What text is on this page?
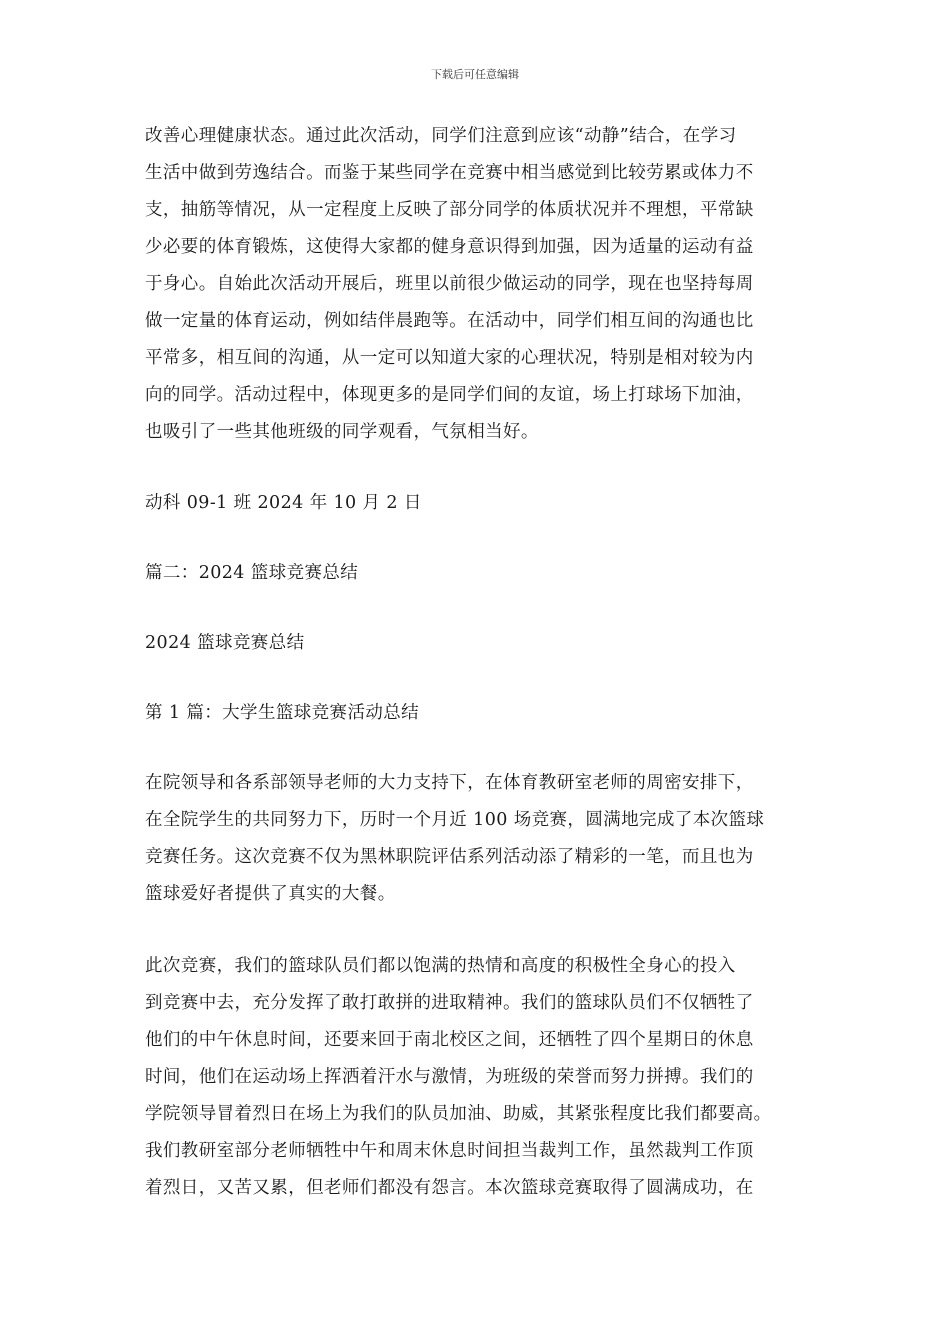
下载后可任意编辑
改善心理健康状态。通过此次活动，同学们注意到应该“动静”结合，在学习
生活中做到劳逸结合。而鉴于某些同学在竞赛中相当感觉到比较劳累或体力不
支，抽筋等情况，从一定程度上反映了部分同学的体质状况并不理想，平常缺
少必要的体育锻炼，这使得大家都的健身意识得到加强，因为适量的运动有益
于身心。自始此次活动开展后，班里以前很少做运动的同学，现在也坚持每周
做一定量的体育运动，例如结伴晨跑等。在活动中，同学们相互间的沟通也比
平常多，相互间的沟通，从一定可以知道大家的心理状况，特别是相对较为内
向的同学。活动过程中，体现更多的是同学们间的友谊，场上打球场下加油，
也吸引了一些其他班级的同学观看，气氛相当好。
动科 09-1 班 2024 年 10 月 2 日
篇二：2024 篮球竞赛总结
2024 篮球竞赛总结
第 1 篇：大学生篮球竞赛活动总结
在院领导和各系部领导老师的大力支持下，在体育教研室老师的周密安排下，
在全院学生的共同努力下，历时一个月近 100 场竞赛，圆满地完成了本次篮球
竞赛任务。这次竞赛不仅为黑林职院评估系列活动添了精彩的一笔，而且也为
篮球爱好者提供了真实的大餐。
此次竞赛，我们的篮球队员们都以饱满的热情和高度的积极性全身心的投入
到竞赛中去，充分发挥了敢打敢拼的进取精神。我们的篮球队员们不仅牺牲了
他们的中午休息时间，还要来回于南北校区之间，还牺牲了四个星期日的休息
时间，他们在运动场上挥洒着汗水与激情，为班级的荣誉而努力拼搏。我们的
学院领导冒着烈日在场上为我们的队员加油、助威，其紧张程度比我们都要高。
我们教研室部分老师牺牲中午和周末休息时间担当裁判工作，虽然裁判工作顶
着烈日，又苦又累，但老师们都没有怨言。本次篮球竞赛取得了圆满成功，在
